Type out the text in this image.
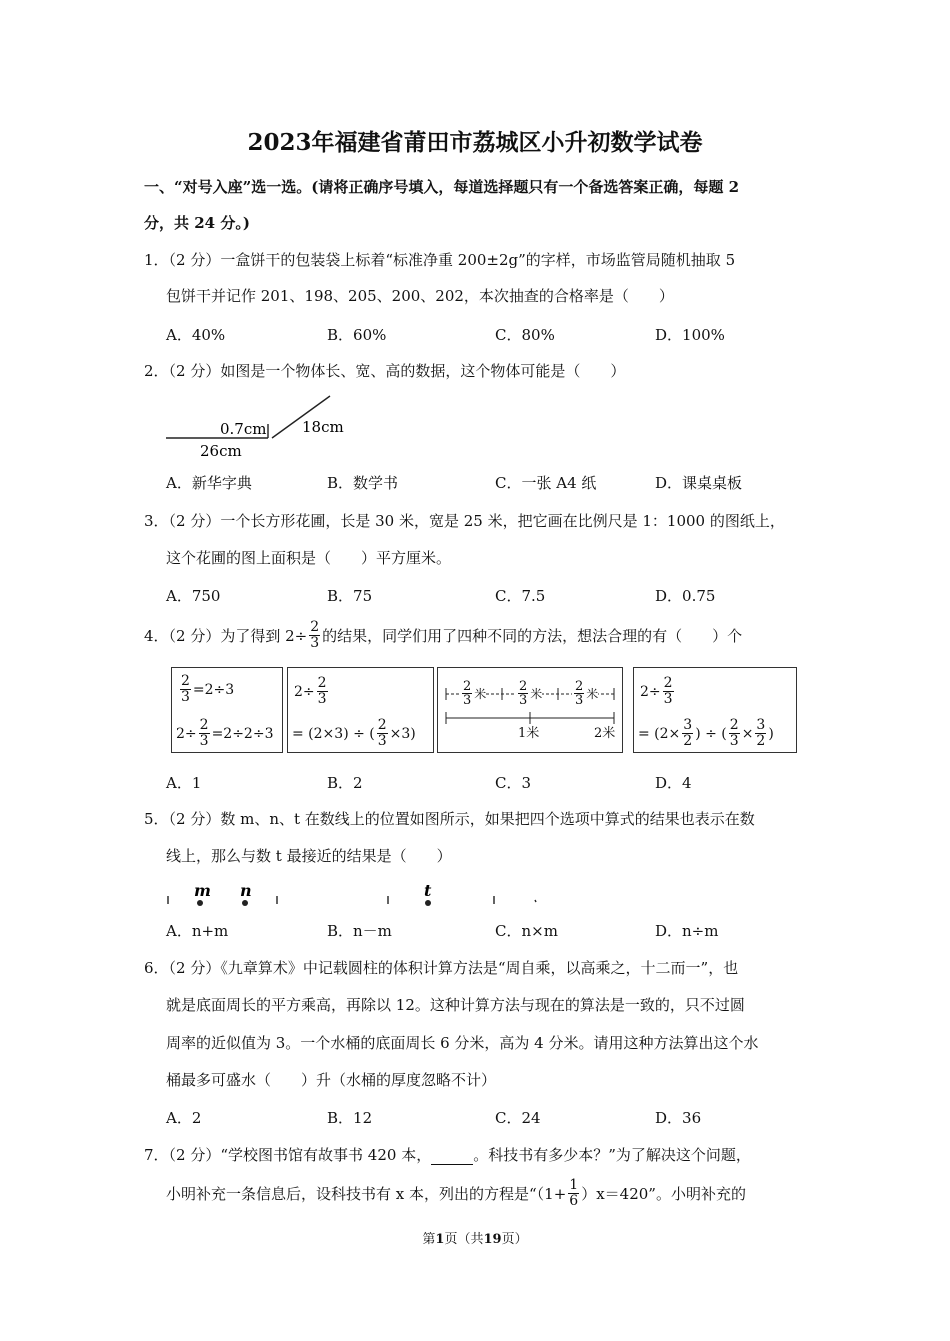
2023年福建省莆田市荔城区小升初数学试卷
一、“对号入座”选一选。(请将正确序号填入，每道选择题只有一个备选答案正确，每题 2
分，共 24 分。)
1．（2 分）一盒饼干的包装袋上标着“标准净重 200±2g”的字样，市场监管局随机抽取 5
包饼干并记作 201、198、205、200、202，本次抽查的合格率是（　　）
A．40%	B．60%	C．80%	D．100%
2．（2 分）如图是一个物体长、宽、高的数据，这个物体可能是（　　）
0.7cm 18cm
26cm
A．新华字典	B．数学书	C．一张 A4 纸	D．课桌桌板
3．（2 分）一个长方形花圃，长是 30 米，宽是 25 米，把它画在比例尺是 1：1000 的图纸上，
这个花圃的图上面积是（　　）平方厘米。
A．750	B．75	C．7.5	D．0.75
4．（2 分）为了得到 $2\div \frac{2}{3}$ 的结果，同学们用了四种不同的方法，想法合理的有（　　）个
$\frac{2}{3} =2\div 3$
$2\div \frac{2}{3} =2\div 2\div 3$
$2\div \frac{2}{3}$
= (2×3) ÷ ( $\frac{2}{3} \times 3$)
$\frac{2}{3}$ 米 $\frac{2}{3}$ 米 $\frac{2}{3}$ 米
1米	2米
$2\div \frac{2}{3}$
= ($2\times \frac{3}{2}$ ) ÷ ( $\frac{2}{3} \times \frac{3}{2}$ )
A．1	B．2	C．3	D．4
5．（2 分）数 m、n、t 在数线上的位置如图所示，如果把四个选项中算式的结果也表示在数
线上，那么与数 t 最接近的结果是（　　）
m n	t
A．n+m	B．n－m	C．n×m	D．n÷m
6．（2 分）《九章算术》中记载圆柱的体积计算方法是“周自乘，以高乘之，十二而一”，也
就是底面周长的平方乘高，再除以 12。这种计算方法与现在的算法是一致的，只不过圆
周率的近似值为 3。一个水桶的底面周长 6 分米，高为 4 分米。请用这种方法算出这个水
桶最多可盛水（　　）升（水桶的厚度忽略不计）
A．2	B．12	C．24	D．36
7．（2 分）“学校图书馆有故事书 420 本，	。科技书有多少本？”为了解决这个问题，
小明补充一条信息后，设科技书有 x 本，列出的方程是“$(1+ \frac{1}{6} )x=420$”。小明补充的
第1页（共19页）
